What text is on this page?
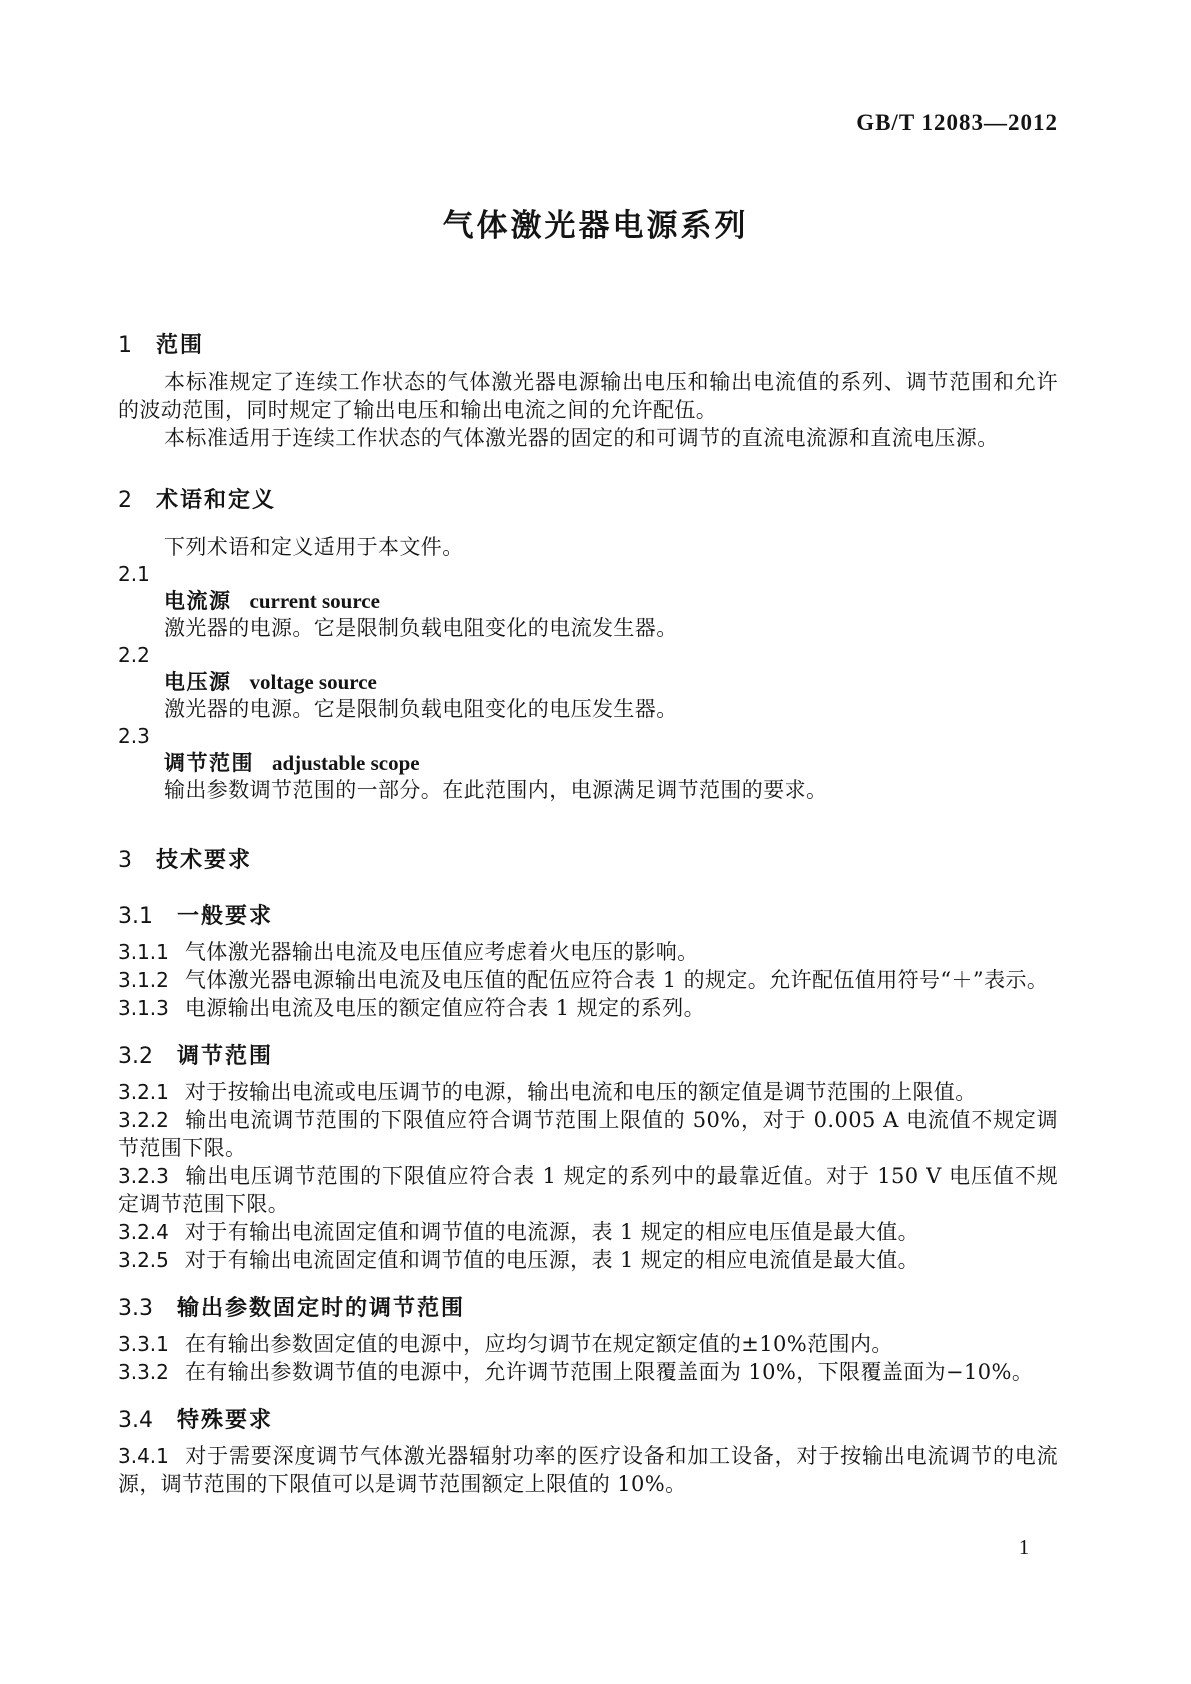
GB/T 12083—2012
气体激光器电源系列
1 范围

本标准规定了连续工作状态的气体激光器电源输出电压和输出电流值的系列、调节范围和允许的波动范围，同时规定了输出电压和输出电流之间的允许配伍。

本标准适用于连续工作状态的气体激光器的固定的和可调节的直流电流源和直流电压源。

2 术语和定义

下列术语和定义适用于本文件。

2.1
电流源 current source

激光器的电源。它是限制负载电阻变化的电流发生器。

2.2
电压源 voltage source

激光器的电源。它是限制负载电阻变化的电压发生器。

2.3
调节范围 adjustable scope

输出参数调节范围的一部分。在此范围内，电源满足调节范围的要求。

3 技术要求
3.1 一般要求

3.1.1 气体激光器输出电流及电压值应考虑着火电压的影响。

3.1.2 气体激光器电源输出电流及电压值的配伍应符合表 1 的规定。允许配伍值用符号“＋”表示。

3.1.3 电源输出电流及电压的额定值应符合表 1 规定的系列。

3.2 调节范围

3.2.1 对于按输出电流或电压调节的电源，输出电流和电压的额定值是调节范围的上限值。

3.2.2 输出电流调节范围的下限值应符合调节范围上限值的 50%，对于 0.005 A 电流值不规定调节范围下限。

3.2.3 输出电压调节范围的下限值应符合表 1 规定的系列中的最靠近值。对于 150 V 电压值不规定调节范围下限。

3.2.4 对于有输出电流固定值和调节值的电流源，表 1 规定的相应电压值是最大值。

3.2.5 对于有输出电流固定值和调节值的电压源，表 1 规定的相应电流值是最大值。

3.3 输出参数固定时的调节范围

3.3.1 在有输出参数固定值的电源中，应均匀调节在规定额定值的±10%范围内。

3.3.2 在有输出参数调节值的电源中，允许调节范围上限覆盖面为 10%，下限覆盖面为−10%。

3.4 特殊要求

3.4.1 对于需要深度调节气体激光器辐射功率的医疗设备和加工设备，对于按输出电流调节的电流源，调节范围的下限值可以是调节范围额定上限值的 10%。

1
